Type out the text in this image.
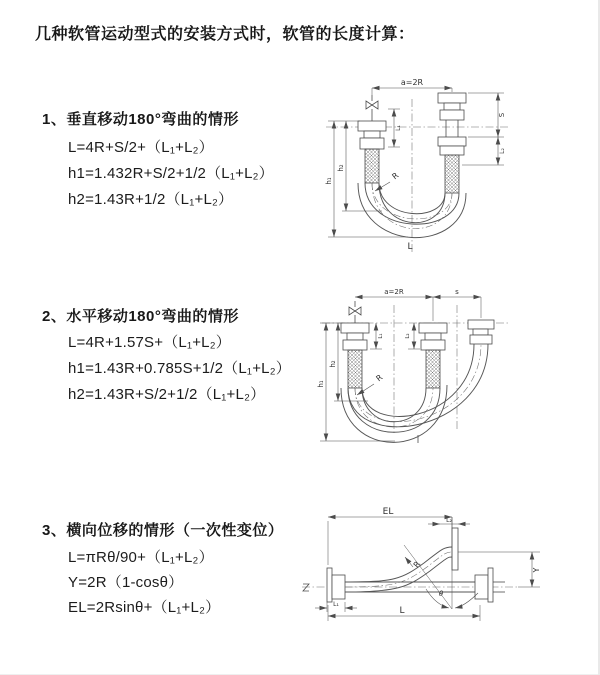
几种软管运动型式的安装方式时，软管的长度计算：
1、垂直移动180°弯曲的情形
L=4R+S/2+（L₁+L₂）
h1=1.432R+S/2+1/2（L₁+L₂）
h2=1.43R+1/2（L₁+L₂）
2、水平移动180°弯曲的情形
L=4R+1.57S+（L₁+L₂）
h1=1.43R+0.785S+1/2（L₁+L₂）
h2=1.43R+S/2+1/2（L₁+L₂）
3、横向位移的情形（一次性变位）
L=πRθ/90+（L₁+L₂）
Y=2R（1-cosθ）
EL=2Rsinθ+（L₁+L₂）
a=2R
h₁
h₂
L₁
S
L₂
R
L
a=2R	s
h₁
h₂
L₁	L₂
R
EL
L₂
θ
R
Y
L₁
L
